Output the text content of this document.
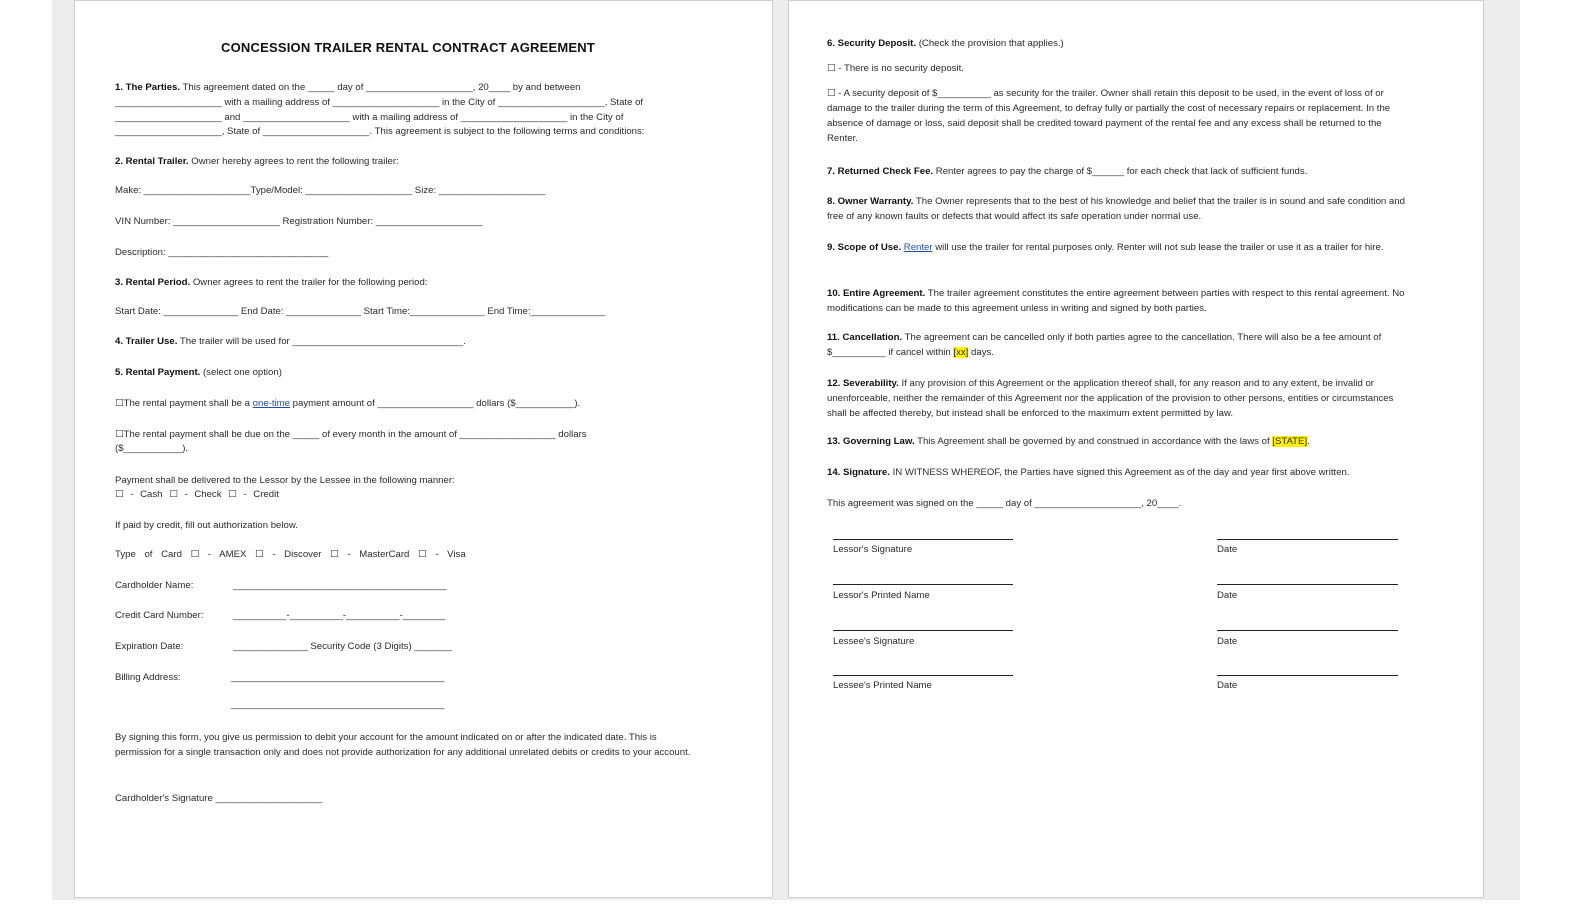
CONCESSION TRAILER RENTAL CONTRACT AGREEMENT
1. The Parties. This agreement dated on the _____ day of ____________________, 20____ by and between
____________________ with a mailing address of ____________________ in the City of ____________________, State of
____________________ and ____________________ with a mailing address of ____________________ in the City of
____________________, State of ____________________. This agreement is subject to the following terms and conditions:
2. Rental Trailer. Owner hereby agrees to rent the following trailer:
Make: ____________________Type/Model: ____________________ Size: ____________________
VIN Number: ____________________ Registration Number: ____________________
Description: ______________________________
3. Rental Period. Owner agrees to rent the trailer for the following period:
Start Date: ______________ End Date: ______________ Start Time:______________ End Time:______________
4. Trailer Use. The trailer will be used for ________________________________.
5. Rental Payment. (select one option)
☐The rental payment shall be a one-time payment amount of __________________ dollars ($___________).
☐The rental payment shall be due on the _____ of every month in the amount of __________________ dollars
($___________).
Payment shall be delivered to the Lessor by the Lessee in the following manner:
☐ - Cash ☐ - Check ☐ - Credit
If paid by credit, fill out authorization below.
Type of Card ☐ - AMEX ☐ - Discover ☐ - MasterCard ☐ - Visa
Cardholder Name:	________________________________________
Credit Card Number:	__________-__________-__________-________
Expiration Date:	______________ Security Code (3 Digits) _______
Billing Address:	________________________________________
________________________________________
By signing this form, you give us permission to debit your account for the amount indicated on or after the indicated date. This is permission for a single transaction only and does not provide authorization for any additional unrelated debits or credits to your account.
Cardholder's Signature ____________________
6. Security Deposit. (Check the provision that applies.)
☐ - There is no security deposit.
☐ - A security deposit of $__________ as security for the trailer. Owner shall retain this deposit to be used, in the event of loss of or damage to the trailer during the term of this Agreement, to defray fully or partially the cost of necessary repairs or replacement. In the absence of damage or loss, said deposit shall be credited toward payment of the rental fee and any excess shall be returned to the Renter.
7. Returned Check Fee. Renter agrees to pay the charge of $______ for each check that lack of sufficient funds.
8. Owner Warranty. The Owner represents that to the best of his knowledge and belief that the trailer is in sound and safe condition and free of any known faults or defects that would affect its safe operation under normal use.
9. Scope of Use. Renter will use the trailer for rental purposes only. Renter will not sub lease the trailer or use it as a trailer for hire.
10. Entire Agreement. The trailer agreement constitutes the entire agreement between parties with respect to this rental agreement. No modifications can be made to this agreement unless in writing and signed by both parties.
11. Cancellation. The agreement can be cancelled only if both parties agree to the cancellation. There will also be a fee amount of $__________ if cancel within [xx] days.
12. Severability. If any provision of this Agreement or the application thereof shall, for any reason and to any extent, be invalid or unenforceable, neither the remainder of this Agreement nor the application of the provision to other persons, entities or circumstances shall be affected thereby, but instead shall be enforced to the maximum extent permitted by law.
13. Governing Law. This Agreement shall be governed by and construed in accordance with the laws of [STATE].
14. Signature. IN WITNESS WHEREOF, the Parties have signed this Agreement as of the day and year first above written.
This agreement was signed on the _____ day of ____________________, 20____.
Lessor's Signature	Date
Lessor's Printed Name	Date
Lessee's Signature	Date
Lessee's Printed Name	Date
